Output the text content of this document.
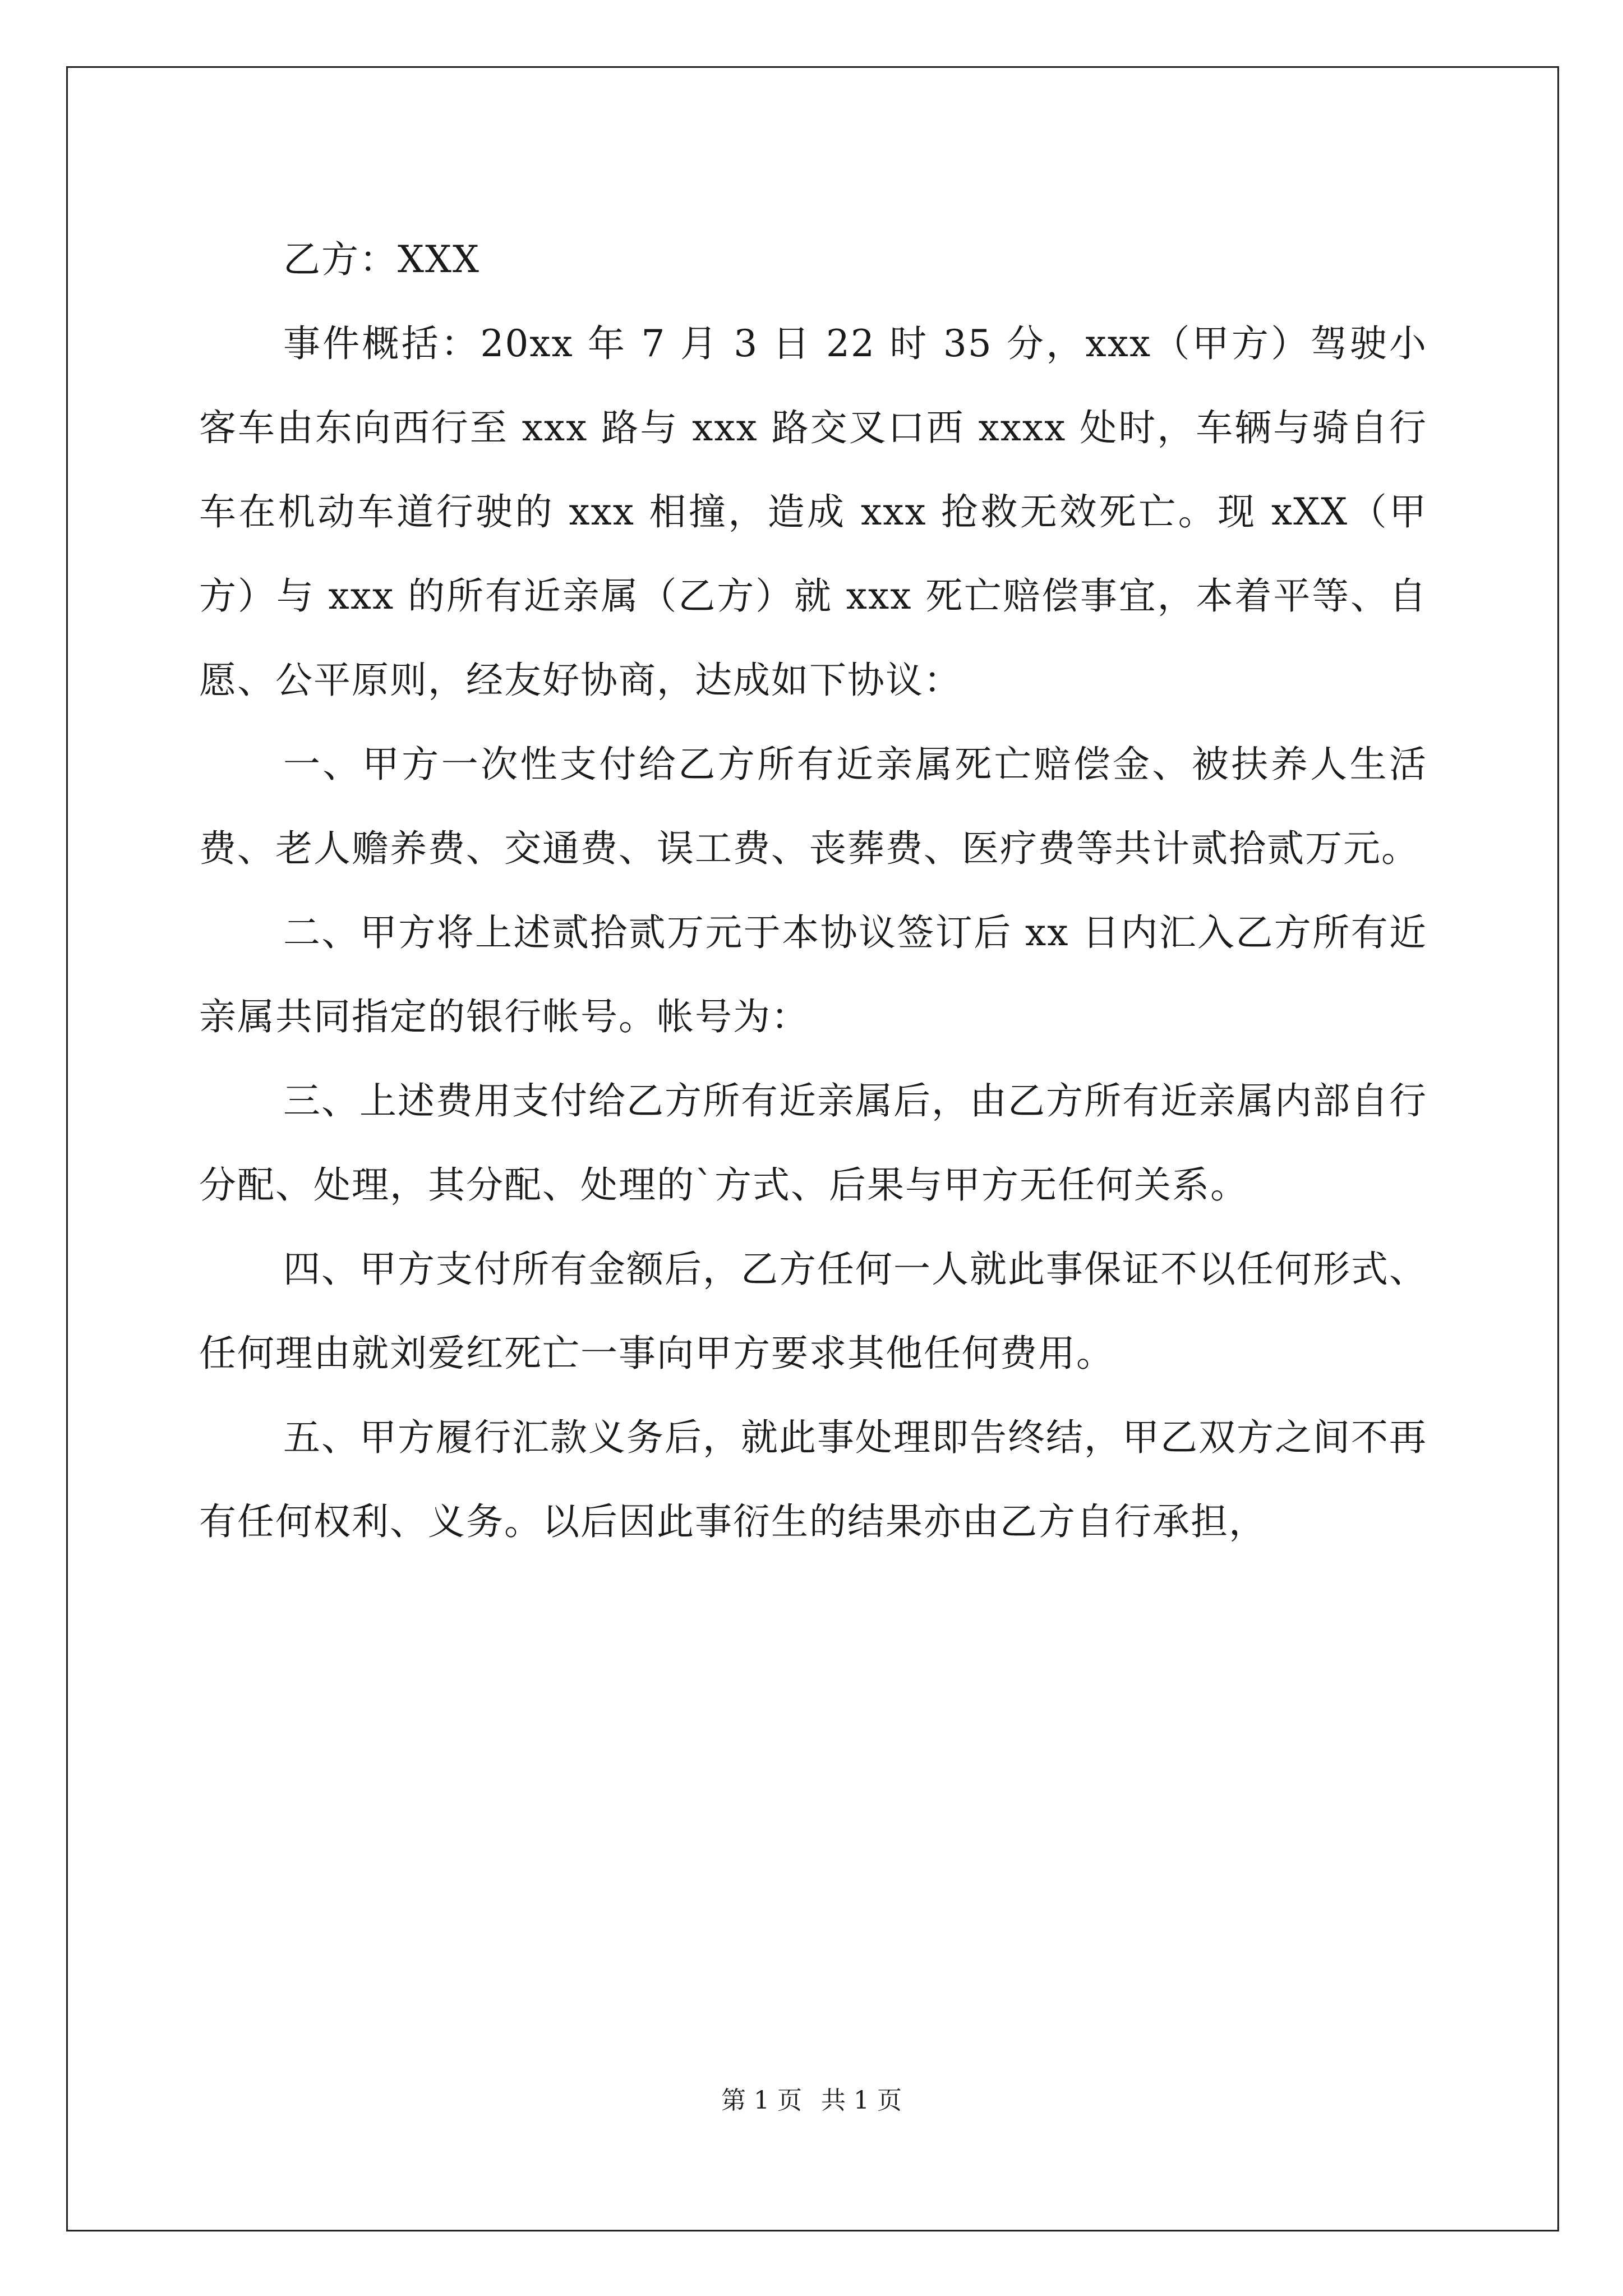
乙方：XXX

事件概括：20xx 年 7 月 3 日 22 时 35 分，xxx（甲方）驾驶小客车由东向西行至 xxx 路与 xxx 路交叉口西 xxxx 处时，车辆与骑自行车在机动车道行驶的 xxx 相撞，造成 xxx 抢救无效死亡。现 xXX（甲方）与 xxx 的所有近亲属（乙方）就 xxx 死亡赔偿事宜，本着平等、自愿、公平原则，经友好协商，达成如下协议：

一、甲方一次性支付给乙方所有近亲属死亡赔偿金、被扶养人生活费、老人赡养费、交通费、误工费、丧葬费、医疗费等共计贰拾贰万元。

二、甲方将上述贰拾贰万元于本协议签订后 xx 日内汇入乙方所有近亲属共同指定的银行帐号。帐号为：

三、上述费用支付给乙方所有近亲属后，由乙方所有近亲属内部自行分配、处理，其分配、处理的`方式、后果与甲方无任何关系。

四、甲方支付所有金额后，乙方任何一人就此事保证不以任何形式、任何理由就刘爱红死亡一事向甲方要求其他任何费用。

五、甲方履行汇款义务后，就此事处理即告终结，甲乙双方之间不再有任何权利、义务。以后因此事衍生的结果亦由乙方自行承担，

第 1 页 共 1 页
